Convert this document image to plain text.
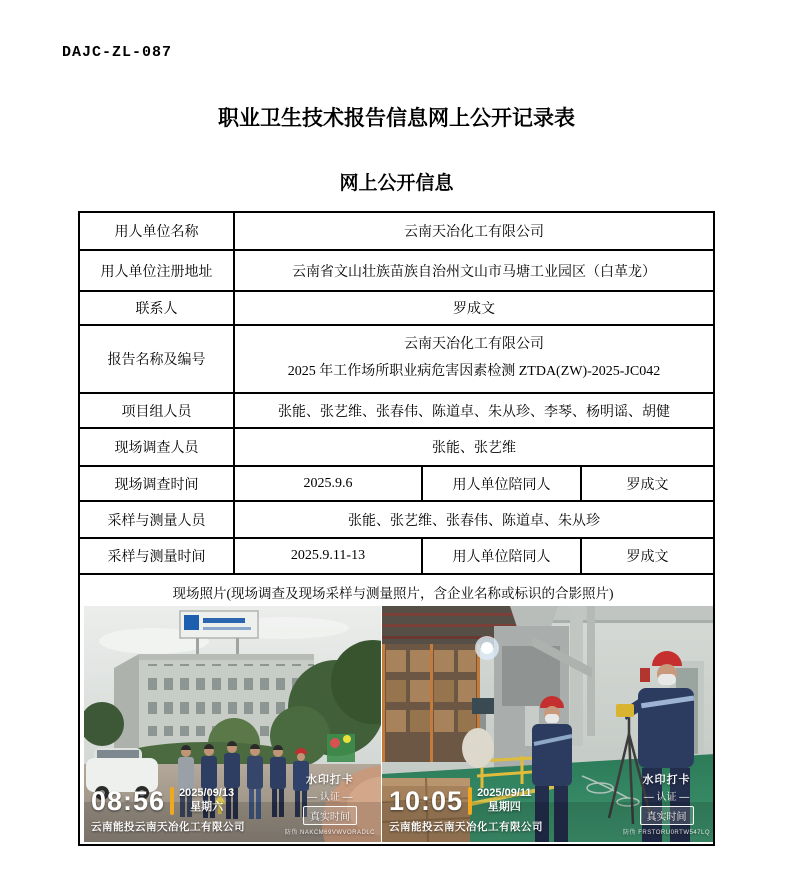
DAJC-ZL-087
职业卫生技术报告信息网上公开记录表
网上公开信息
用人单位名称	云南天冶化工有限公司		
用人单位注册地址	云南省文山壮族苗族自治州文山市马塘工业园区（白革龙）		
联系人	罗成文		
报告名称及编号	云南天冶化工有限公司
2025 年工作场所职业病危害因素检测 ZTDA(ZW)-2025-JC042		

项目组人员	张能、张艺维、张春伟、陈道卓、朱从珍、李琴、杨明谣、胡健		
现场调查人员	张能、张艺维		
现场调查时间	2025.9.6	用人单位陪同人	罗成文
采样与测量人员	张能、张艺维、张春伟、陈道卓、朱从珍		
采样与测量时间	2025.9.11-13	用人单位陪同人	罗成文

现场照片(现场调查及现场采样与测量照片，含企业名称或标识的合影照片)
08:56 2025/09/13
星期六
云南能投云南天冶化工有限公司
水印打卡
— 认证 —
真实时间
防伪 NAKCM69VWVORADLC
10:05 2025/09/11
星期四
云南能投云南天冶化工有限公司
水印打卡
— 认证 —
真实时间
防伪 FRSTORU0RTW547LQ
